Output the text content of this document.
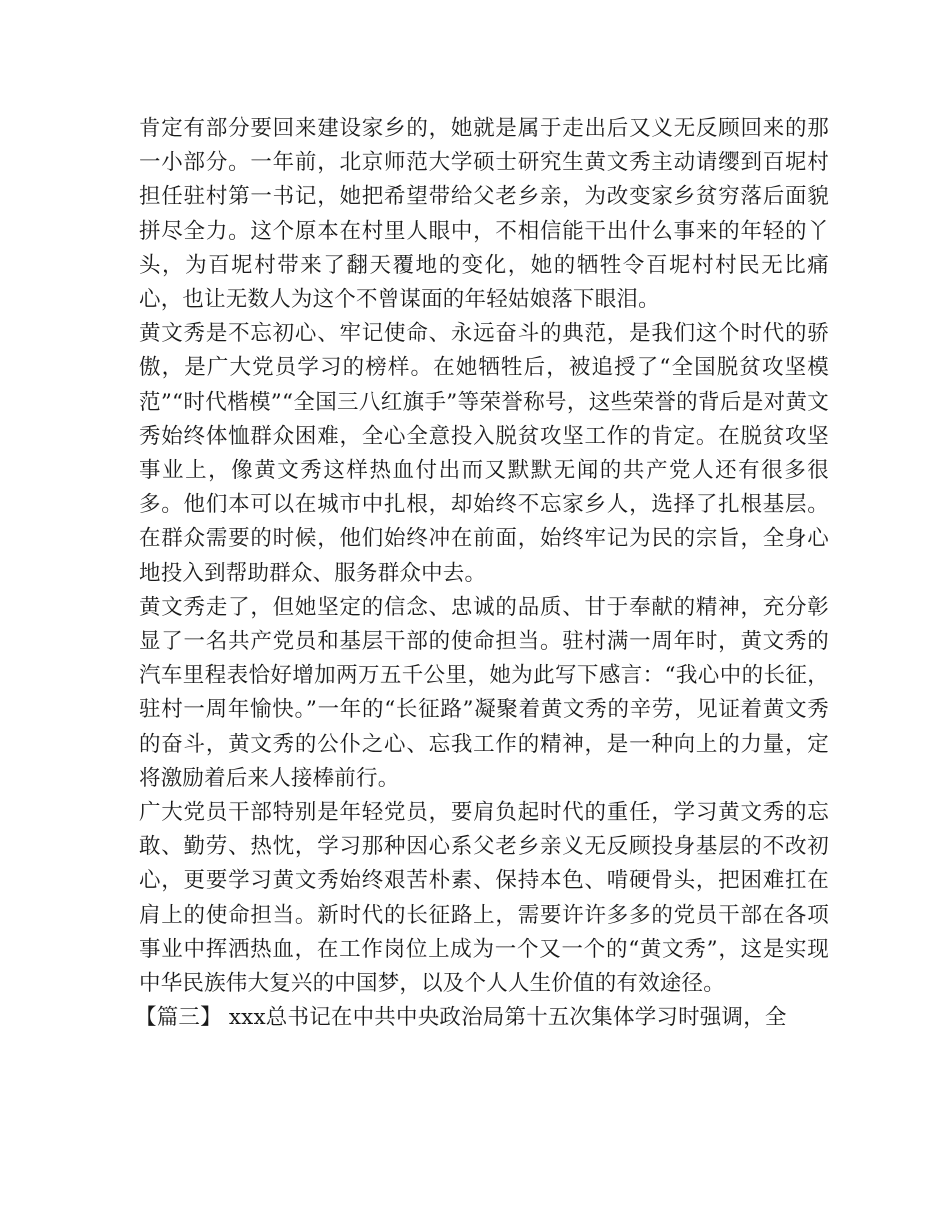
肯定有部分要回来建设家乡的，她就是属于走出后又义无反顾回来的那一小部分。一年前，北京师范大学硕士研究生黄文秀主动请缨到百坭村担任驻村第一书记，她把希望带给父老乡亲，为改变家乡贫穷落后面貌拼尽全力。这个原本在村里人眼中，不相信能干出什么事来的年轻的丫头，为百坭村带来了翻天覆地的变化，她的牺牲令百坭村村民无比痛心，也让无数人为这个不曾谋面的年轻姑娘落下眼泪。

黄文秀是不忘初心、牢记使命、永远奋斗的典范，是我们这个时代的骄傲，是广大党员学习的榜样。在她牺牲后，被追授了“全国脱贫攻坚模范”“时代楷模”“全国三八红旗手”等荣誉称号，这些荣誉的背后是对黄文秀始终体恤群众困难，全心全意投入脱贫攻坚工作的肯定。在脱贫攻坚事业上，像黄文秀这样热血付出而又默默无闻的共产党人还有很多很多。他们本可以在城市中扎根，却始终不忘家乡人，选择了扎根基层。在群众需要的时候，他们始终冲在前面，始终牢记为民的宗旨，全身心地投入到帮助群众、服务群众中去。

黄文秀走了，但她坚定的信念、忠诚的品质、甘于奉献的精神，充分彰显了一名共产党员和基层干部的使命担当。驻村满一周年时，黄文秀的汽车里程表恰好增加两万五千公里，她为此写下感言：“我心中的长征，驻村一周年愉快。”一年的“长征路”凝聚着黄文秀的辛劳，见证着黄文秀的奋斗，黄文秀的公仆之心、忘我工作的精神，是一种向上的力量，定将激励着后来人接棒前行。

广大党员干部特别是年轻党员，要肩负起时代的重任，学习黄文秀的忘敢、勤劳、热忱，学习那种因心系父老乡亲义无反顾投身基层的不改初心，更要学习黄文秀始终艰苦朴素、保持本色、啃硬骨头，把困难扛在肩上的使命担当。新时代的长征路上，需要许许多多的党员干部在各项事业中挥洒热血，在工作岗位上成为一个又一个的“黄文秀”，这是实现中华民族伟大复兴的中国梦，以及个人人生价值的有效途径。

【篇三】 xxx总书记在中共中央政治局第十五次集体学习时强调，全
